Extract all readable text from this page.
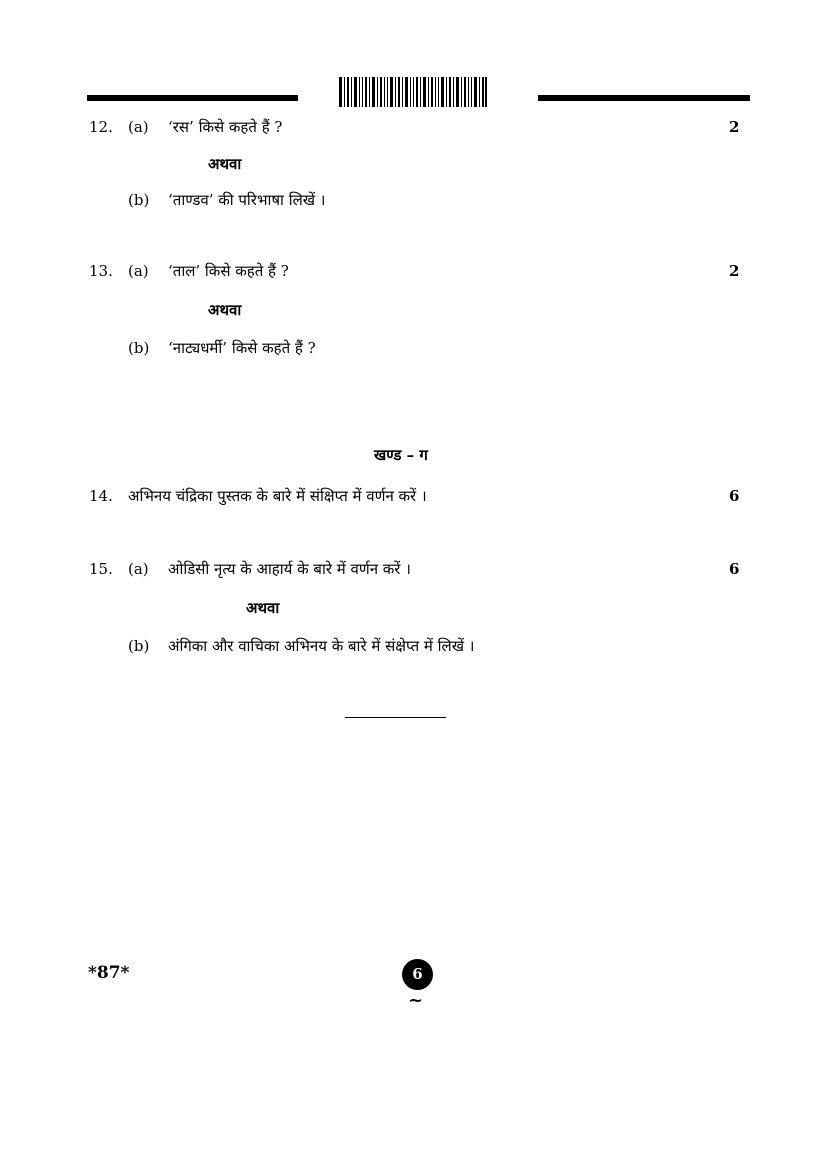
12. (a) ‘रस’ किसे कहते हैं ?	2
अथवा
(b) ‘ताण्डव’ की परिभाषा लिखें ।
13. (a) ‘ताल’ किसे कहते हैं ?	2
अथवा
(b) ‘नाट्यधर्मी’ किसे कहते हैं ?
खण्ड – ग
14. अभिनय चंद्रिका पुस्तक के बारे में संक्षिप्त में वर्णन करें ।	6
15. (a) ओडिसी नृत्य के आहार्य के बारे में वर्णन करें ।	6
अथवा
(b) अंगिका और वाचिका अभिनय के बारे में संक्षेप्त में लिखें ।
*87*	6
~
